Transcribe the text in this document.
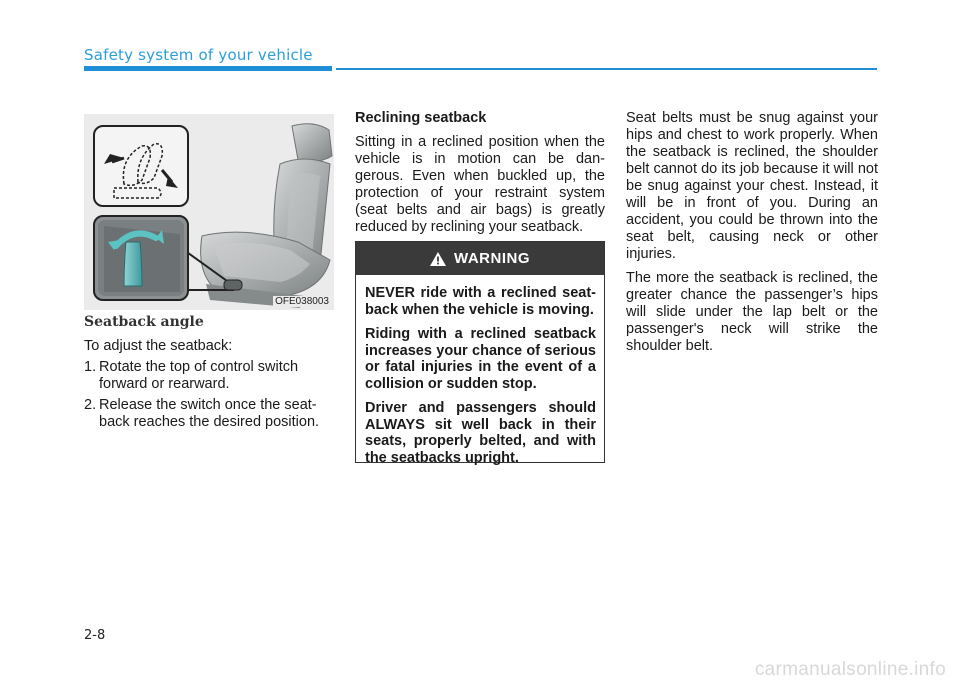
Safety system of your vehicle
OFE038003

Seatback angle

To adjust the seatback:

1. Rotate the top of control switch forward or rearward.
2. Release the switch once the seat-back reaches the desired position.

Reclining seatback

Sitting in a reclined position when the vehicle is in motion can be dan-gerous. Even when buckled up, the protection of your restraint system (seat belts and air bags) is greatly reduced by reclining your seatback.

WARNING

NEVER ride with a reclined seat-back when the vehicle is moving.

Riding with a reclined seatback increases your chance of serious or fatal injuries in the event of a collision or sudden stop.

Driver and passengers should ALWAYS sit well back in their seats, properly belted, and with the seatbacks upright.

Seat belts must be snug against your hips and chest to work properly. When the seatback is reclined, the shoulder belt cannot do its job because it will not be snug against your chest. Instead, it will be in front of you. During an accident, you could be thrown into the seat belt, causing neck or other injuries.

The more the seatback is reclined, the greater chance the passenger’s hips will slide under the lap belt or the passenger's neck will strike the shoulder belt.

2-8
carmanualsonline.info
